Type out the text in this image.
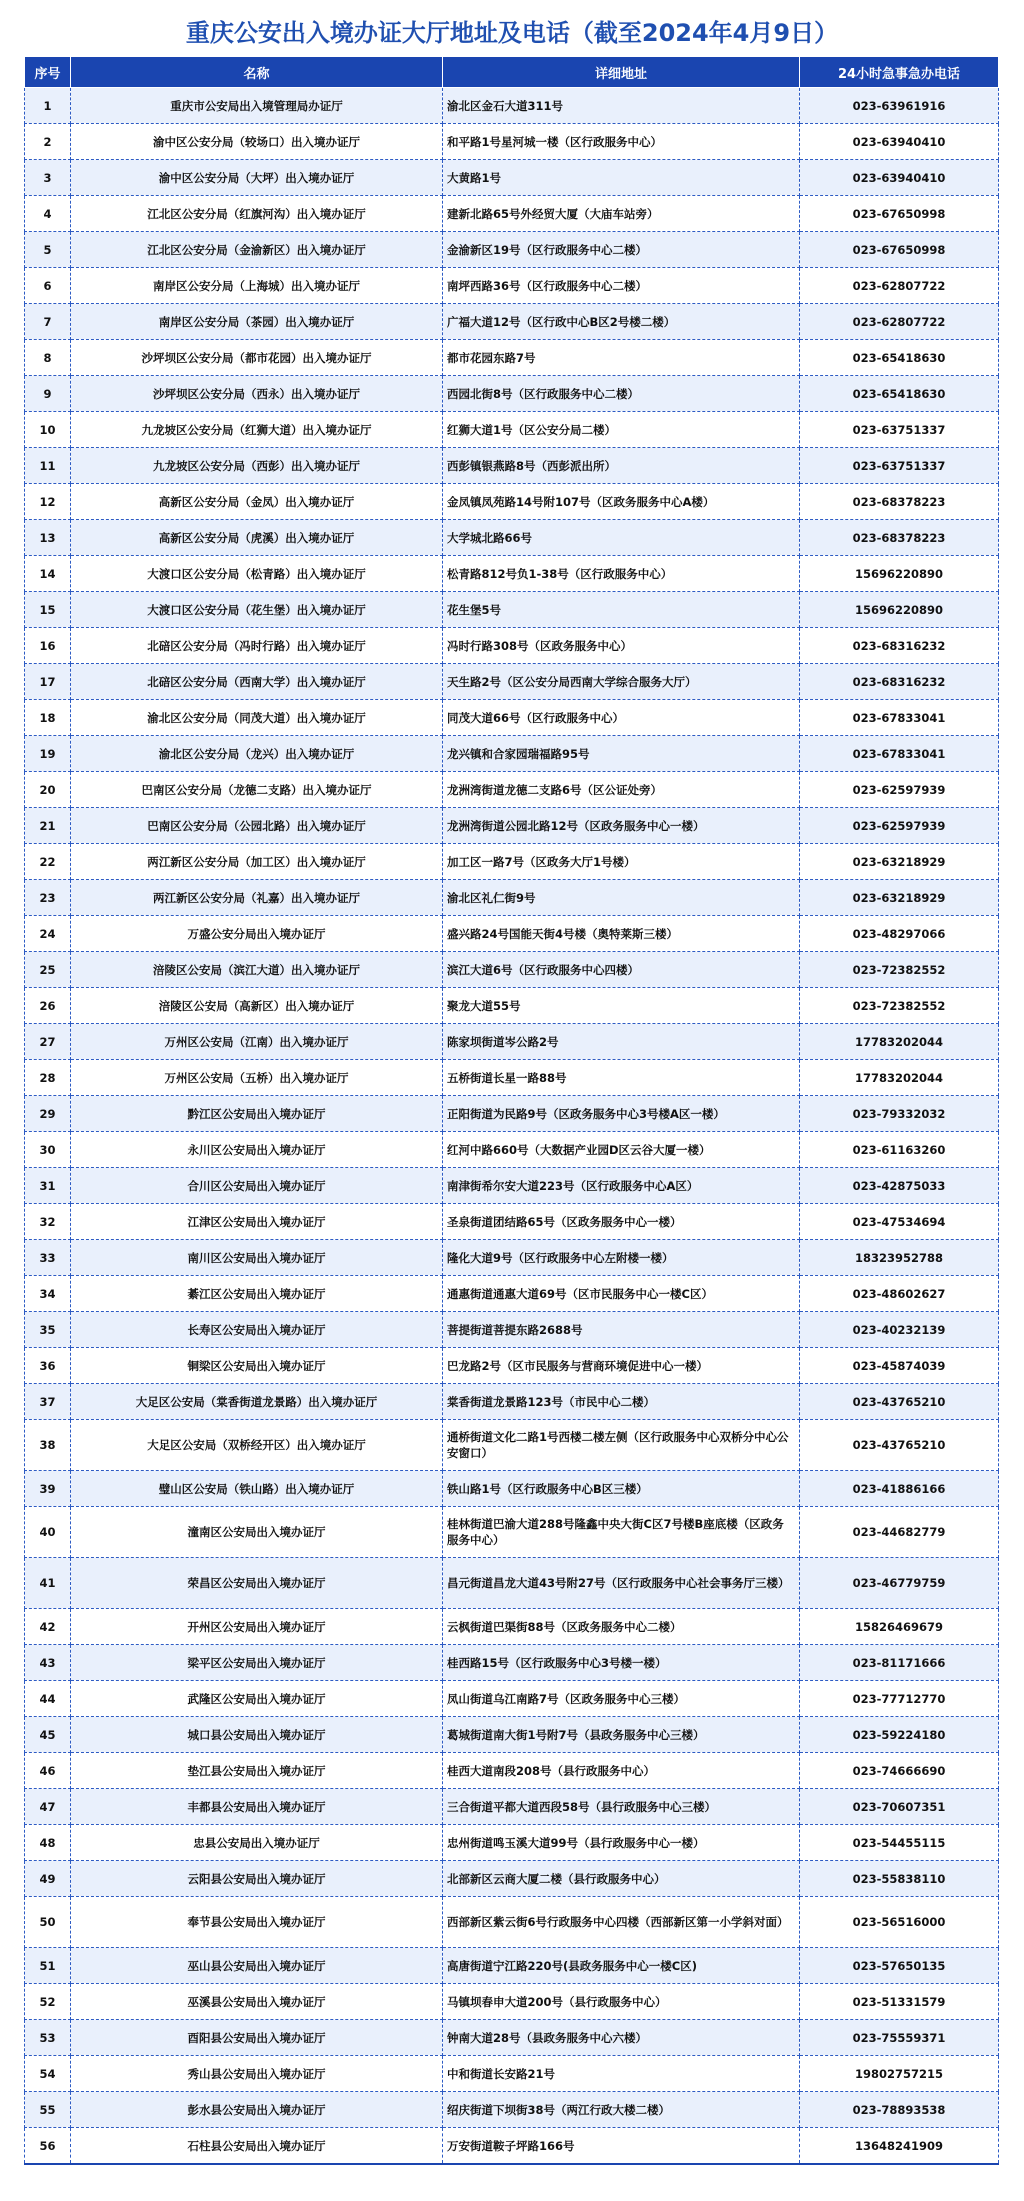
重庆公安出入境办证大厅地址及电话（截至2024年4月9日）
序号	名称	详细地址	24小时急事急办电话
1	重庆市公安局出入境管理局办证厅	渝北区金石大道311号	023-63961916
2	渝中区公安分局（较场口）出入境办证厅	和平路1号星河城一楼（区行政服务中心）	023-63940410
3	渝中区公安分局（大坪）出入境办证厅	大黄路1号	023-63940410
4	江北区公安分局（红旗河沟）出入境办证厅	建新北路65号外经贸大厦（大庙车站旁）	023-67650998
5	江北区公安分局（金渝新区）出入境办证厅	金渝新区19号（区行政服务中心二楼）	023-67650998
6	南岸区公安分局（上海城）出入境办证厅	南坪西路36号（区行政服务中心二楼）	023-62807722
7	南岸区公安分局（茶园）出入境办证厅	广福大道12号（区行政中心B区2号楼二楼）	023-62807722
8	沙坪坝区公安分局（都市花园）出入境办证厅	都市花园东路7号	023-65418630
9	沙坪坝区公安分局（西永）出入境办证厅	西园北街8号（区行政服务中心二楼）	023-65418630
10	九龙坡区公安分局（红狮大道）出入境办证厅	红狮大道1号（区公安分局二楼）	023-63751337
11	九龙坡区公安分局（西彭）出入境办证厅	西彭镇银燕路8号（西彭派出所）	023-63751337
12	高新区公安分局（金凤）出入境办证厅	金凤镇凤苑路14号附107号（区政务服务中心A楼）	023-68378223
13	高新区公安分局（虎溪）出入境办证厅	大学城北路66号	023-68378223
14	大渡口区公安分局（松青路）出入境办证厅	松青路812号负1-38号（区行政服务中心）	15696220890
15	大渡口区公安分局（花生堡）出入境办证厅	花生堡5号	15696220890
16	北碚区公安分局（冯时行路）出入境办证厅	冯时行路308号（区政务服务中心）	023-68316232
17	北碚区公安分局（西南大学）出入境办证厅	天生路2号（区公安分局西南大学综合服务大厅）	023-68316232
18	渝北区公安分局（同茂大道）出入境办证厅	同茂大道66号（区行政服务中心）	023-67833041
19	渝北区公安分局（龙兴）出入境办证厅	龙兴镇和合家园瑞福路95号	023-67833041
20	巴南区公安分局（龙德二支路）出入境办证厅	龙洲湾街道龙德二支路6号（区公证处旁）	023-62597939
21	巴南区公安分局（公园北路）出入境办证厅	龙洲湾街道公园北路12号（区政务服务中心一楼）	023-62597939
22	两江新区公安分局（加工区）出入境办证厅	加工区一路7号（区政务大厅1号楼）	023-63218929
23	两江新区公安分局（礼嘉）出入境办证厅	渝北区礼仁街9号	023-63218929
24	万盛公安分局出入境办证厅	盛兴路24号国能天街4号楼（奥特莱斯三楼）	023-48297066
25	涪陵区公安局（滨江大道）出入境办证厅	滨江大道6号（区行政服务中心四楼）	023-72382552
26	涪陵区公安局（高新区）出入境办证厅	聚龙大道55号	023-72382552
27	万州区公安局（江南）出入境办证厅	陈家坝街道岑公路2号	17783202044
28	万州区公安局（五桥）出入境办证厅	五桥街道长星一路88号	17783202044
29	黔江区公安局出入境办证厅	正阳街道为民路9号（区政务服务中心3号楼A区一楼）	023-79332032
30	永川区公安局出入境办证厅	红河中路660号（大数据产业园D区云谷大厦一楼）	023-61163260
31	合川区公安局出入境办证厅	南津街希尔安大道223号（区行政服务中心A区）	023-42875033
32	江津区公安局出入境办证厅	圣泉街道团结路65号（区政务服务中心一楼）	023-47534694
33	南川区公安局出入境办证厅	隆化大道9号（区行政服务中心左附楼一楼）	18323952788
34	綦江区公安局出入境办证厅	通惠街道通惠大道69号（区市民服务中心一楼C区）	023-48602627
35	长寿区公安局出入境办证厅	菩提街道菩提东路2688号	023-40232139
36	铜梁区公安局出入境办证厅	巴龙路2号（区市民服务与营商环境促进中心一楼）	023-45874039
37	大足区公安局（棠香街道龙景路）出入境办证厅	棠香街道龙景路123号（市民中心二楼）	023-43765210
38	大足区公安局（双桥经开区）出入境办证厅	通桥街道文化二路1号西楼二楼左侧（区行政服务中心双桥分中心公安窗口）	023-43765210
39	璧山区公安局（铁山路）出入境办证厅	铁山路1号（区行政服务中心B区三楼）	023-41886166
40	潼南区公安局出入境办证厅	桂林街道巴渝大道288号隆鑫中央大街C区7号楼B座底楼（区政务服务中心）	023-44682779
41	荣昌区公安局出入境办证厅	昌元街道昌龙大道43号附27号（区行政服务中心社会事务厅三楼）	023-46779759
42	开州区公安局出入境办证厅	云枫街道巴渠街88号（区政务服务中心二楼）	15826469679
43	梁平区公安局出入境办证厅	桂西路15号（区行政服务中心3号楼一楼）	023-81171666
44	武隆区公安局出入境办证厅	凤山街道乌江南路7号（区政务服务中心三楼）	023-77712770
45	城口县公安局出入境办证厅	葛城街道南大街1号附7号（县政务服务中心三楼）	023-59224180
46	垫江县公安局出入境办证厅	桂西大道南段208号（县行政服务中心）	023-74666690
47	丰都县公安局出入境办证厅	三合街道平都大道西段58号（县行政服务中心三楼）	023-70607351
48	忠县公安局出入境办证厅	忠州街道鸣玉溪大道99号（县行政服务中心一楼）	023-54455115
49	云阳县公安局出入境办证厅	北部新区云商大厦二楼（县行政服务中心）	023-55838110
50	奉节县公安局出入境办证厅	西部新区紫云街6号行政服务中心四楼（西部新区第一小学斜对面）	023-56516000
51	巫山县公安局出入境办证厅	高唐街道宁江路220号(县政务服务中心一楼C区)	023-57650135
52	巫溪县公安局出入境办证厅	马镇坝春申大道200号（县行政服务中心）	023-51331579
53	酉阳县公安局出入境办证厅	钟南大道28号（县政务服务中心六楼）	023-75559371
54	秀山县公安局出入境办证厅	中和街道长安路21号	19802757215
55	彭水县公安局出入境办证厅	绍庆街道下坝街38号（两江行政大楼二楼）	023-78893538
56	石柱县公安局出入境办证厅	万安街道鞍子坪路166号	13648241909
